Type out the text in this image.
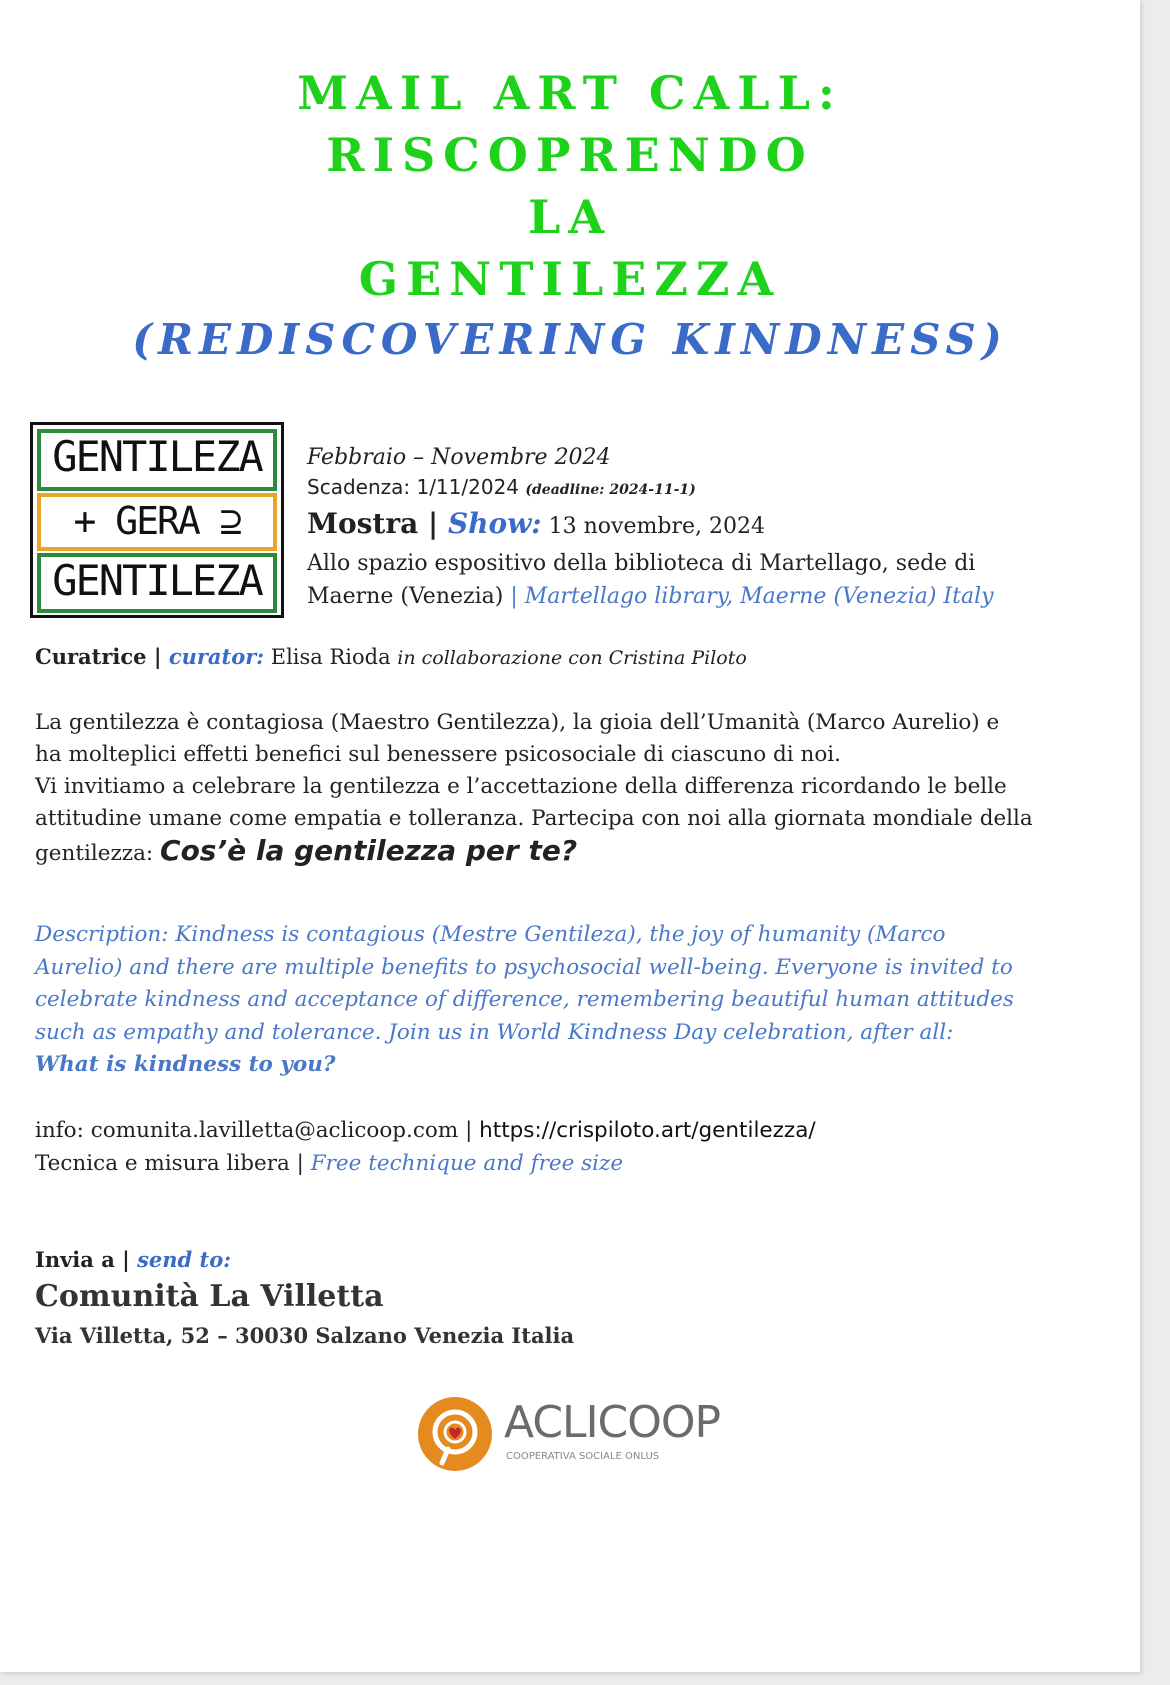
MAIL ART CALL:
RISCOPRENDO
LA
GENTILEZZA
(REDISCOVERING KINDNESS)
GENTILEZA
+ GERA ⊇
GENTILEZA
Febbraio – Novembre 2024
Scadenza: 1/11/2024 (deadline: 2024-11-1)
Mostra | Show: 13 novembre, 2024
Allo spazio espositivo della biblioteca di Martellago, sede di
Maerne (Venezia) | Martellago library, Maerne (Venezia) Italy
Curatrice | curator: Elisa Rioda in collaborazione con Cristina Piloto
La gentilezza è contagiosa (Maestro Gentilezza), la gioia dell’Umanità (Marco Aurelio) e
ha molteplici effetti benefici sul benessere psicosociale di ciascuno di noi.
Vi invitiamo a celebrare la gentilezza e l’accettazione della differenza ricordando le belle
attitudine umane come empatia e tolleranza. Partecipa con noi alla giornata mondiale della
gentilezza: Cos’è la gentilezza per te?
Description: Kindness is contagious (Mestre Gentileza), the joy of humanity (Marco
Aurelio) and there are multiple benefits to psychosocial well-being. Everyone is invited to
celebrate kindness and acceptance of difference, remembering beautiful human attitudes
such as empathy and tolerance. Join us in World Kindness Day celebration, after all:
What is kindness to you?
info: comunita.lavilletta@aclicoop.com | https://crispiloto.art/gentilezza/
Tecnica e misura libera | Free technique and free size
Invia a | send to:
Comunità La Villetta
Via Villetta, 52 – 30030 Salzano Venezia Italia
ACLICOOP
COOPERATIVA SOCIALE ONLUS
